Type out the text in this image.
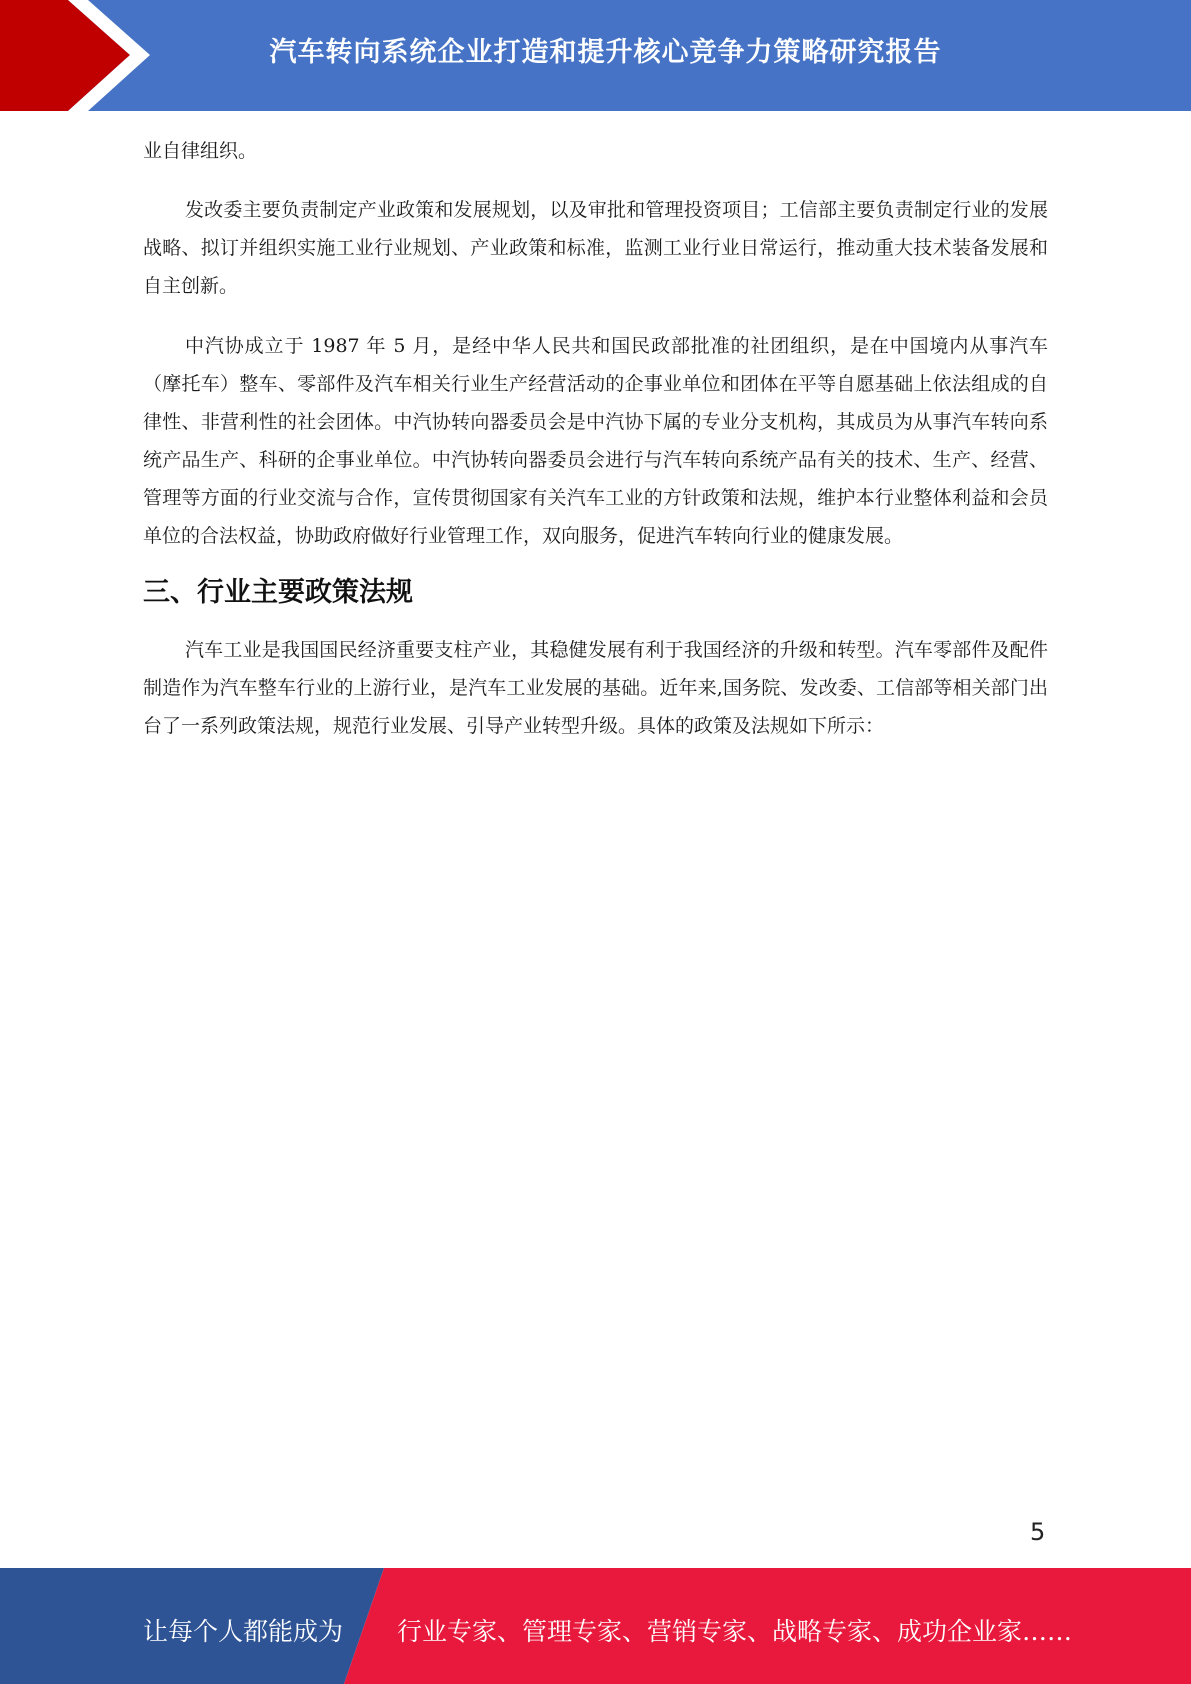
汽车转向系统企业打造和提升核心竞争力策略研究报告

业自律组织。

发改委主要负责制定产业政策和发展规划，以及审批和管理投资项目；工信部主要负责制定行业的发展战略、拟订并组织实施工业行业规划、产业政策和标准，监测工业行业日常运行，推动重大技术装备发展和自主创新。

中汽协成立于 1987 年 5 月，是经中华人民共和国民政部批准的社团组织，是在中国境内从事汽车（摩托车）整车、零部件及汽车相关行业生产经营活动的企事业单位和团体在平等自愿基础上依法组成的自律性、非营利性的社会团体。中汽协转向器委员会是中汽协下属的专业分支机构，其成员为从事汽车转向系统产品生产、科研的企事业单位。中汽协转向器委员会进行与汽车转向系统产品有关的技术、生产、经营、管理等方面的行业交流与合作，宣传贯彻国家有关汽车工业的方针政策和法规，维护本行业整体利益和会员单位的合法权益，协助政府做好行业管理工作，双向服务，促进汽车转向行业的健康发展。

三、行业主要政策法规

汽车工业是我国国民经济重要支柱产业，其稳健发展有利于我国经济的升级和转型。汽车零部件及配件制造作为汽车整车行业的上游行业，是汽车工业发展的基础。近年来,国务院、发改委、工信部等相关部门出台了一系列政策法规，规范行业发展、引导产业转型升级。具体的政策及法规如下所示：

5
让每个人都能成为 行业专家、管理专家、营销专家、战略专家、成功企业家……
